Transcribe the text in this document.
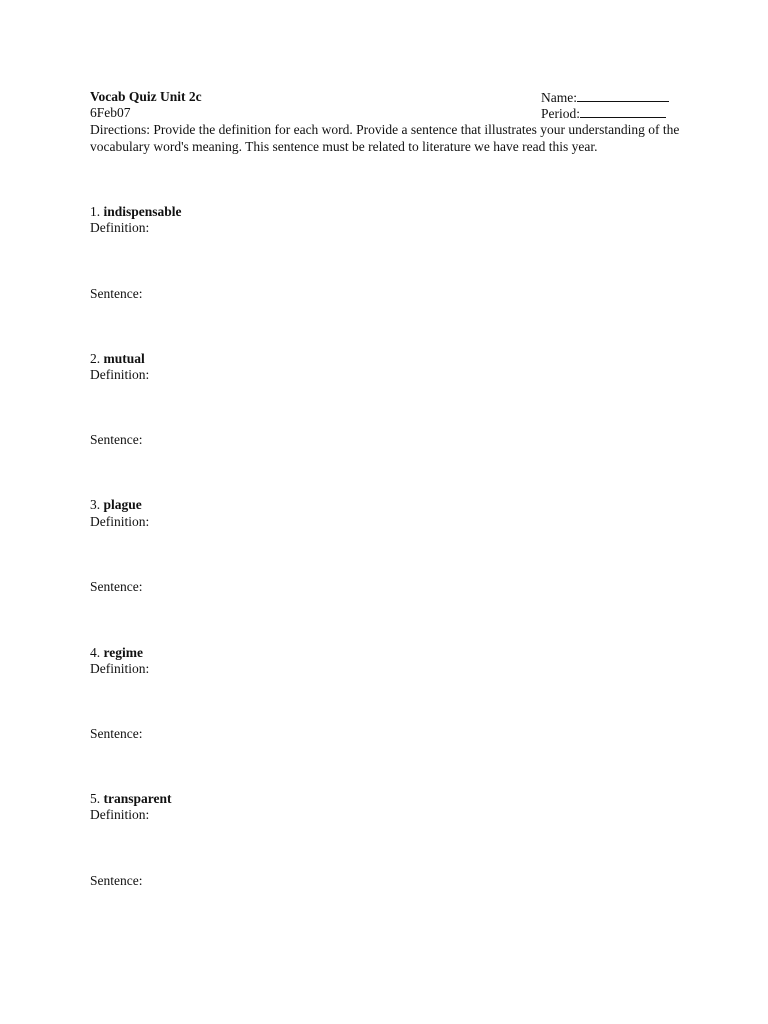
Vocab Quiz Unit 2c
6Feb07
Name:
Period:
Directions: Provide the definition for each word. Provide a sentence that illustrates your understanding of the vocabulary word's meaning. This sentence must be related to literature we have read this year.
1. indispensable
Definition:
Sentence:
2. mutual
Definition:
Sentence:
3. plague
Definition:
Sentence:
4. regime
Definition:
Sentence:
5. transparent
Definition:
Sentence:
